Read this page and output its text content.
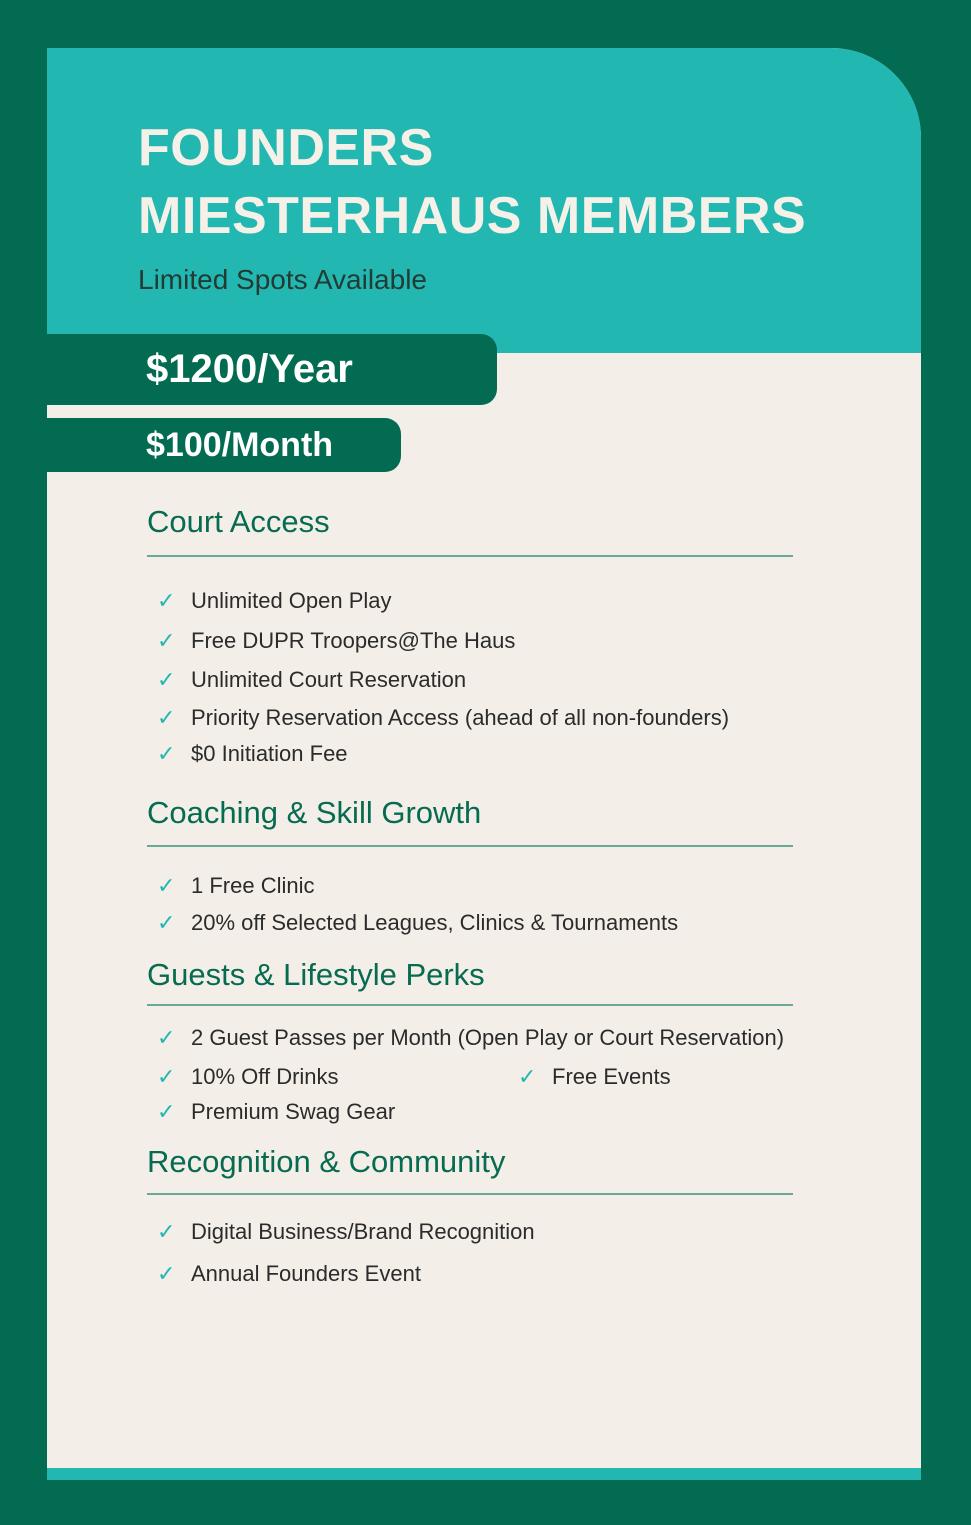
FOUNDERS
MIESTERHAUS MEMBERS
Limited Spots Available
$1200/Year
$100/Month
Court Access
✓ Unlimited Open Play
✓ Free DUPR Troopers@The Haus
✓ Unlimited Court Reservation
✓ Priority Reservation Access (ahead of all non-founders)
✓ $0 Initiation Fee
Coaching & Skill Growth
✓ 1 Free Clinic
✓ 20% off Selected Leagues, Clinics & Tournaments
Guests & Lifestyle Perks
✓ 2 Guest Passes per Month (Open Play or Court Reservation)
✓ 10% Off Drinks	✓ Free Events
✓ Premium Swag Gear
Recognition & Community
✓ Digital Business/Brand Recognition
✓ Annual Founders Event
